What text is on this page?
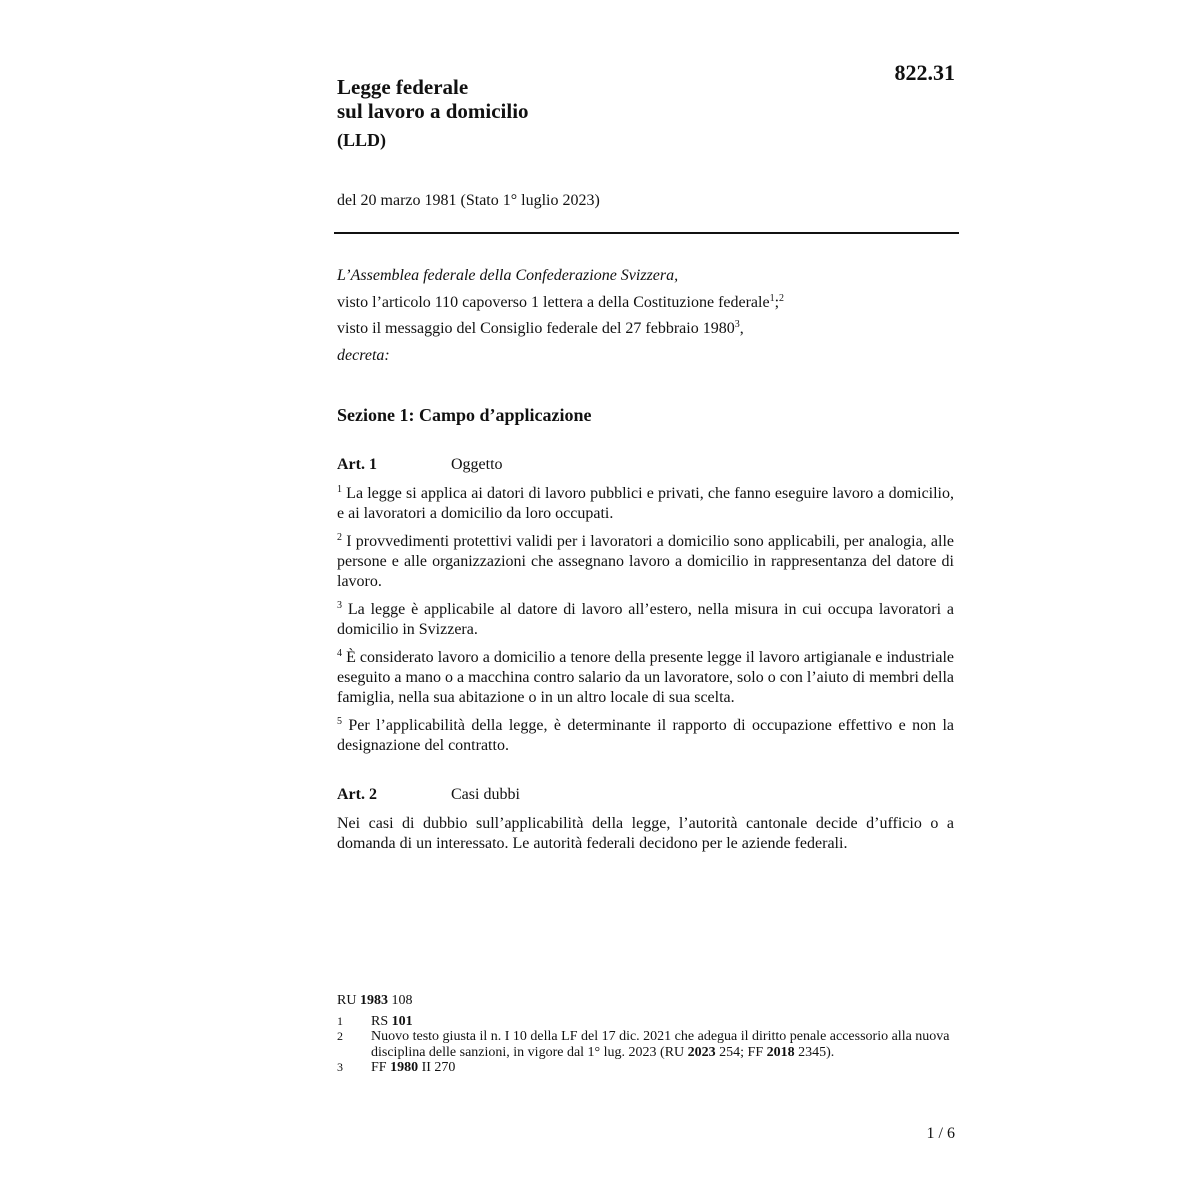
822.31
Legge federale
sul lavoro a domicilio
(LLD)
del 20 marzo 1981 (Stato 1° luglio 2023)
L’Assemblea federale della Confederazione Svizzera,
visto l’articolo 110 capoverso 1 lettera a della Costituzione federale$^1$;$^2$
visto il messaggio del Consiglio federale del 27 febbraio 1980$^3$,
decreta:
Sezione 1: Campo d’applicazione
Art. 1	Oggetto

$^1$ La legge si applica ai datori di lavoro pubblici e privati, che fanno eseguire lavoro a domicilio, e ai lavoratori a domicilio da loro occupati.

$^2$ I provvedimenti protettivi validi per i lavoratori a domicilio sono applicabili, per analogia, alle persone e alle organizzazioni che assegnano lavoro a domicilio in rappresentanza del datore di lavoro.

$^3$ La legge è applicabile al datore di lavoro all’estero, nella misura in cui occupa lavoratori a domicilio in Svizzera.

$^4$ È considerato lavoro a domicilio a tenore della presente legge il lavoro artigianale e industriale eseguito a mano o a macchina contro salario da un lavoratore, solo o con l’aiuto di membri della famiglia, nella sua abitazione o in un altro locale di sua scelta.

$^5$ Per l’applicabilità della legge, è determinante il rapporto di occupazione effettivo e non la designazione del contratto.

Art. 2	Casi dubbi

Nei casi di dubbio sull’applicabilità della legge, l’autorità cantonale decide d’ufficio o a domanda di un interessato. Le autorità federali decidono per le aziende federali.

RU 1983 108
1 RS 101
2 Nuovo testo giusta il n. I 10 della LF del 17 dic. 2021 che adegua il diritto penale accessorio alla nuova disciplina delle sanzioni, in vigore dal 1° lug. 2023 (RU 2023 254; FF 2018 2345).
3 FF 1980 II 270
1 / 6
